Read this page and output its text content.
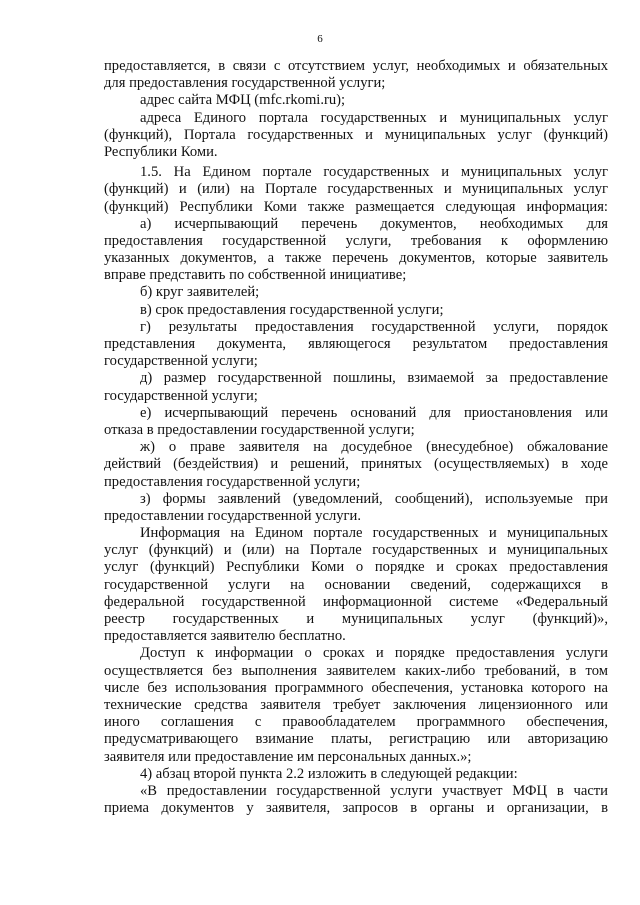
6
предоставляется, в связи с отсутствием услуг, необходимых и обязательных
для предоставления государственной услуги;
адрес сайта МФЦ (mfc.rkomi.ru);
адреса Единого портала государственных и муниципальных услуг
(функций), Портала государственных и муниципальных услуг (функций)
Республики Коми.
1.5. На Едином портале государственных и муниципальных услуг
(функций) и (или) на Портале государственных и муниципальных услуг
(функций) Республики Коми также размещается следующая информация:
а) исчерпывающий перечень документов, необходимых для
предоставления государственной услуги, требования к оформлению
указанных документов, а также перечень документов, которые заявитель
вправе представить по собственной инициативе;
б) круг заявителей;
в) срок предоставления государственной услуги;
г) результаты предоставления государственной услуги, порядок
представления документа, являющегося результатом предоставления
государственной услуги;
д) размер государственной пошлины, взимаемой за предоставление
государственной услуги;
е) исчерпывающий перечень оснований для приостановления или
отказа в предоставлении государственной услуги;
ж) о праве заявителя на досудебное (внесудебное) обжалование
действий (бездействия) и решений, принятых (осуществляемых) в ходе
предоставления государственной услуги;
з) формы заявлений (уведомлений, сообщений), используемые при
предоставлении государственной услуги.
Информация на Едином портале государственных и муниципальных
услуг (функций) и (или) на Портале государственных и муниципальных
услуг (функций) Республики Коми о порядке и сроках предоставления
государственной услуги на основании сведений, содержащихся в
федеральной государственной информационной системе «Федеральный
реестр государственных и муниципальных услуг (функций)»,
предоставляется заявителю бесплатно.
Доступ к информации о сроках и порядке предоставления услуги
осуществляется без выполнения заявителем каких-либо требований, в том
числе без использования программного обеспечения, установка которого на
технические средства заявителя требует заключения лицензионного или
иного соглашения с правообладателем программного обеспечения,
предусматривающего взимание платы, регистрацию или авторизацию
заявителя или предоставление им персональных данных.»;
4) абзац второй пункта 2.2 изложить в следующей редакции:
«В предоставлении государственной услуги участвует МФЦ в части
приема документов у заявителя, запросов в органы и организации, в
